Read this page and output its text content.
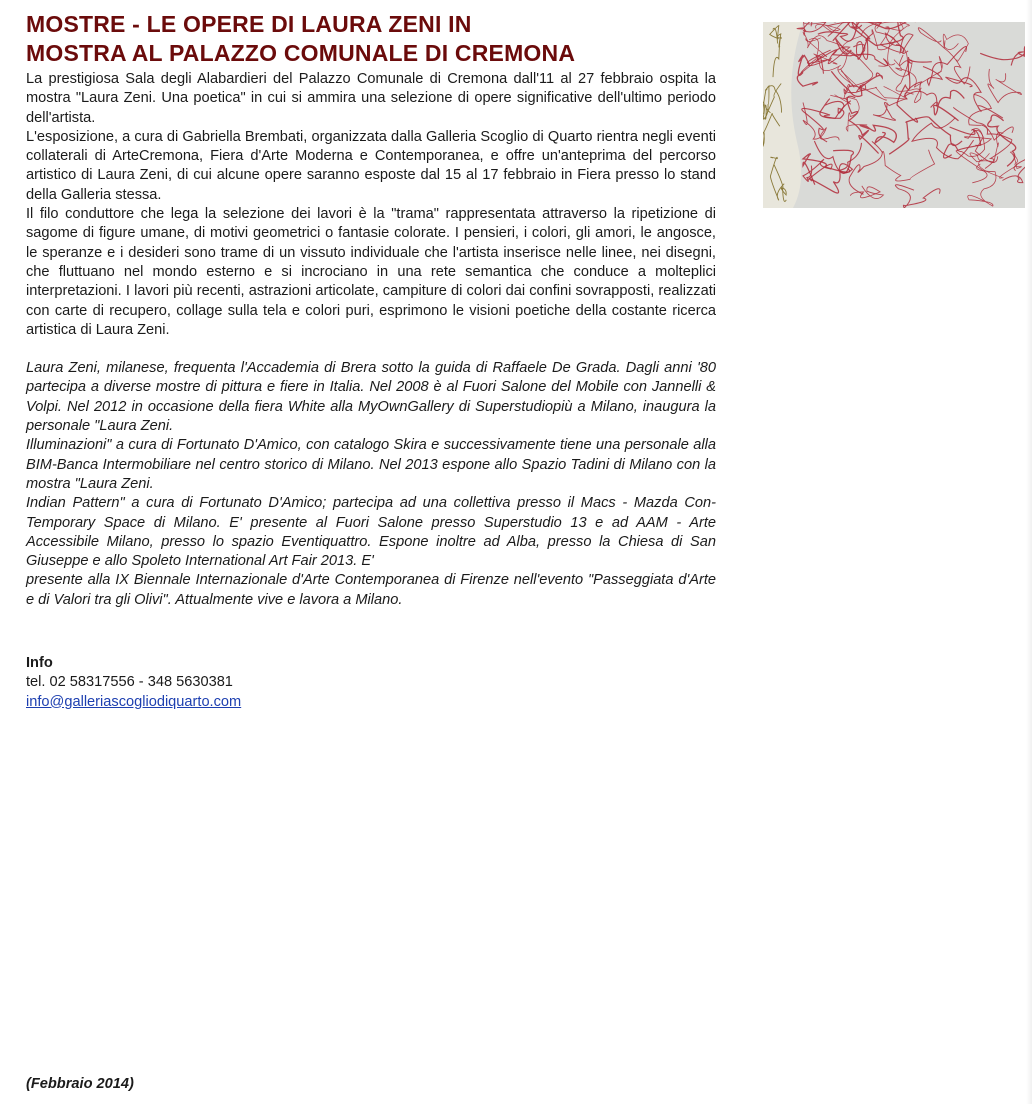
MOSTRE - LE OPERE DI LAURA ZENI IN
MOSTRA AL PALAZZO COMUNALE DI CREMONA

La prestigiosa Sala degli Alabardieri del Palazzo Comunale di Cremona dall'11 al 27 febbraio ospita la mostra "Laura Zeni. Una poetica" in cui si ammira una selezione di opere significative dell'ultimo periodo dell'artista.

L'esposizione, a cura di Gabriella Brembati, organizzata dalla Galleria Scoglio di Quarto rientra negli eventi collaterali di ArteCremona, Fiera d'Arte Moderna e Contemporanea, e offre un'anteprima del percorso artistico di Laura Zeni, di cui alcune opere saranno esposte dal 15 al 17 febbraio in Fiera presso lo stand della Galleria stessa.

Il filo conduttore che lega la selezione dei lavori è la "trama" rappresentata attraverso la ripetizione di sagome di figure umane, di motivi geometrici o fantasie colorate. I pensieri, i colori, gli amori, le angosce, le speranze e i desideri sono trame di un vissuto individuale che l'artista inserisce nelle linee, nei disegni, che fluttuano nel mondo esterno e si incrociano in una rete semantica che conduce a molteplici interpretazioni. I lavori più recenti, astrazioni articolate, campiture di colori dai confini sovrapposti, realizzati con carte di recupero, collage sulla tela e colori puri, esprimono le visioni poetiche della costante ricerca artistica di Laura Zeni.

Laura Zeni, milanese, frequenta l'Accademia di Brera sotto la guida di Raffaele De Grada. Dagli anni '80 partecipa a diverse mostre di pittura e fiere in Italia. Nel 2008 è al Fuori Salone del Mobile con Jannelli & Volpi. Nel 2012 in occasione della fiera White alla MyOwnGallery di Superstudiopiù a Milano, inaugura la personale "Laura Zeni.

Illuminazioni" a cura di Fortunato D'Amico, con catalogo Skira e successivamente tiene una personale alla BIM-Banca Intermobiliare nel centro storico di Milano. Nel 2013 espone allo Spazio Tadini di Milano con la mostra "Laura Zeni.

Indian Pattern" a cura di Fortunato D'Amico; partecipa ad una collettiva presso il Macs - Mazda Con-Temporary Space di Milano. E' presente al Fuori Salone presso Superstudio 13 e ad AAM - Arte Accessibile Milano, presso lo spazio Eventiquattro. Espone inoltre ad Alba, presso la Chiesa di San Giuseppe e allo Spoleto International Art Fair 2013. E'

presente alla IX Biennale Internazionale d'Arte Contemporanea di Firenze nell'evento "Passeggiata d'Arte e di Valori tra gli Olivi". Attualmente vive e lavora a Milano.

Info
tel. 02 58317556 - 348 5630381
info@galleriascogliodiquarto.com
(Febbraio 2014)
